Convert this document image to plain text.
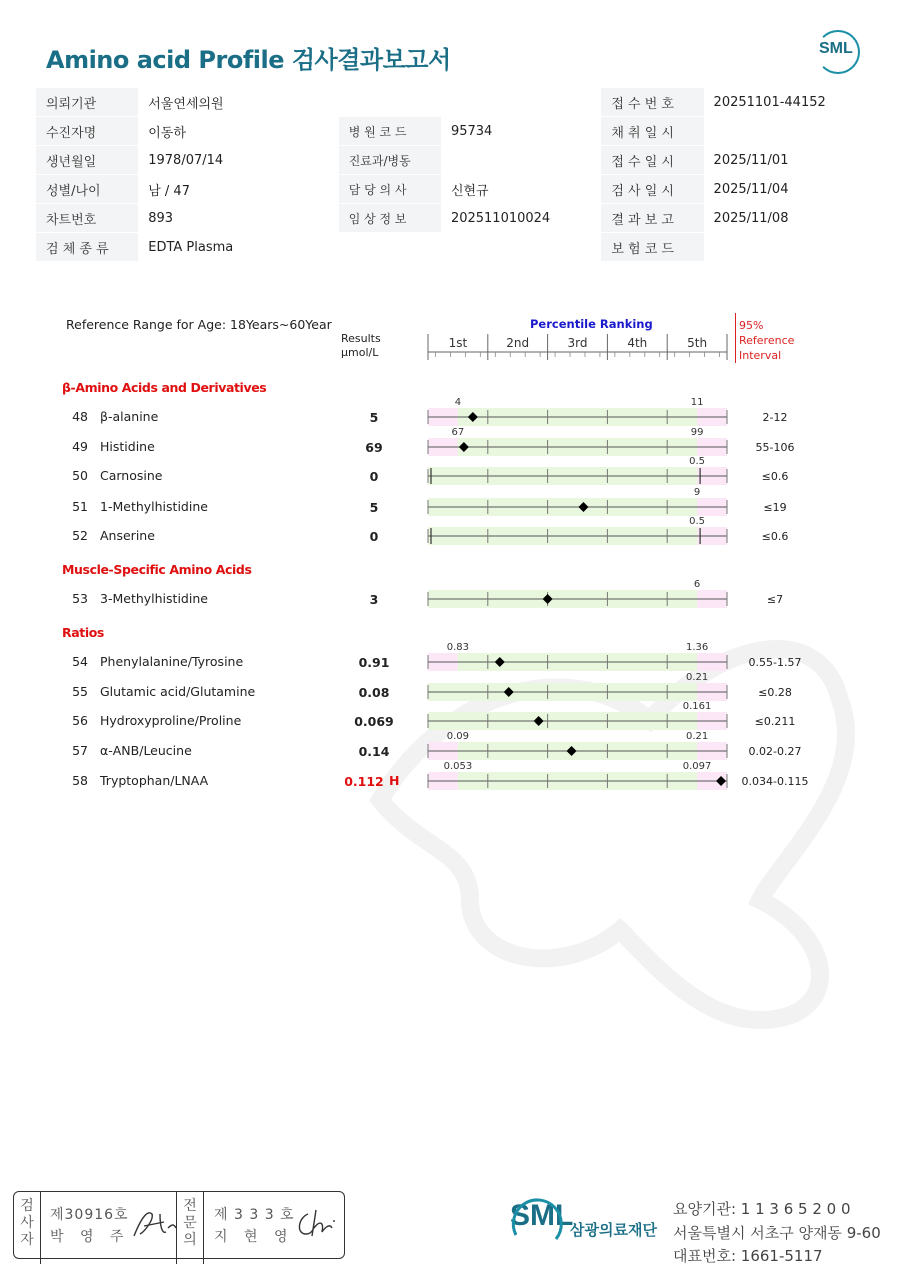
Amino acid Profile 검사결과보고서	SML
의뢰기관	서울연세의원			접 수 번 호	20251101-44152
수진자명	이동하	병 원 코 드	95734	채 취 일 시	
생년월일	1978/07/14	진료과/병동		접 수 일 시	2025/11/01
성별/나이	남 / 47	담 당 의 사	신현규	검 사 일 시	2025/11/04
차트번호	893	임 상 정 보	202511010024	결 과 보 고	2025/11/08
검 체 종 류	EDTA Plasma			보 험 코 드	
Reference Range for Age: 18Years~60Year
Results
µmol/L
Percentile Ranking	95%
Reference
Interval
1st	2nd	3rd	4th	5th
4	11
67	99
0.5
9
0.5
6
0.83	1.36
0.21
0.161
0.09	0.21
0.053	0.097
β-Amino Acids and Derivatives
48 β-alanine	5	2-12
49 Histidine	69	55-106
50 Carnosine	0	≤0.6
51 1-Methylhistidine	5	≤19
52 Anserine	0	≤0.6
Muscle-Specific Amino Acids
53 3-Methylhistidine	3	≤7
Ratios
54 Phenylalanine/Tyrosine	0.91	0.55-1.57
55 Glutamic acid/Glutamine	0.08	≤0.28
56 Hydroxyproline/Proline	0.069	≤0.211
57 α-ANB/Leucine	0.14	0.02-0.27
58 Tryptophan/LNAA	0.112 H	0.034-0.115
검
사
자
제30916호
박 영 주
전
문
의
제 3 3 3 호
지 현 영
SML
삼광의료재단
요양기관: 1 1 3 6 5 2 0 0
서울특별시 서초구 양재동 9-60
대표번호: 1661-5117
